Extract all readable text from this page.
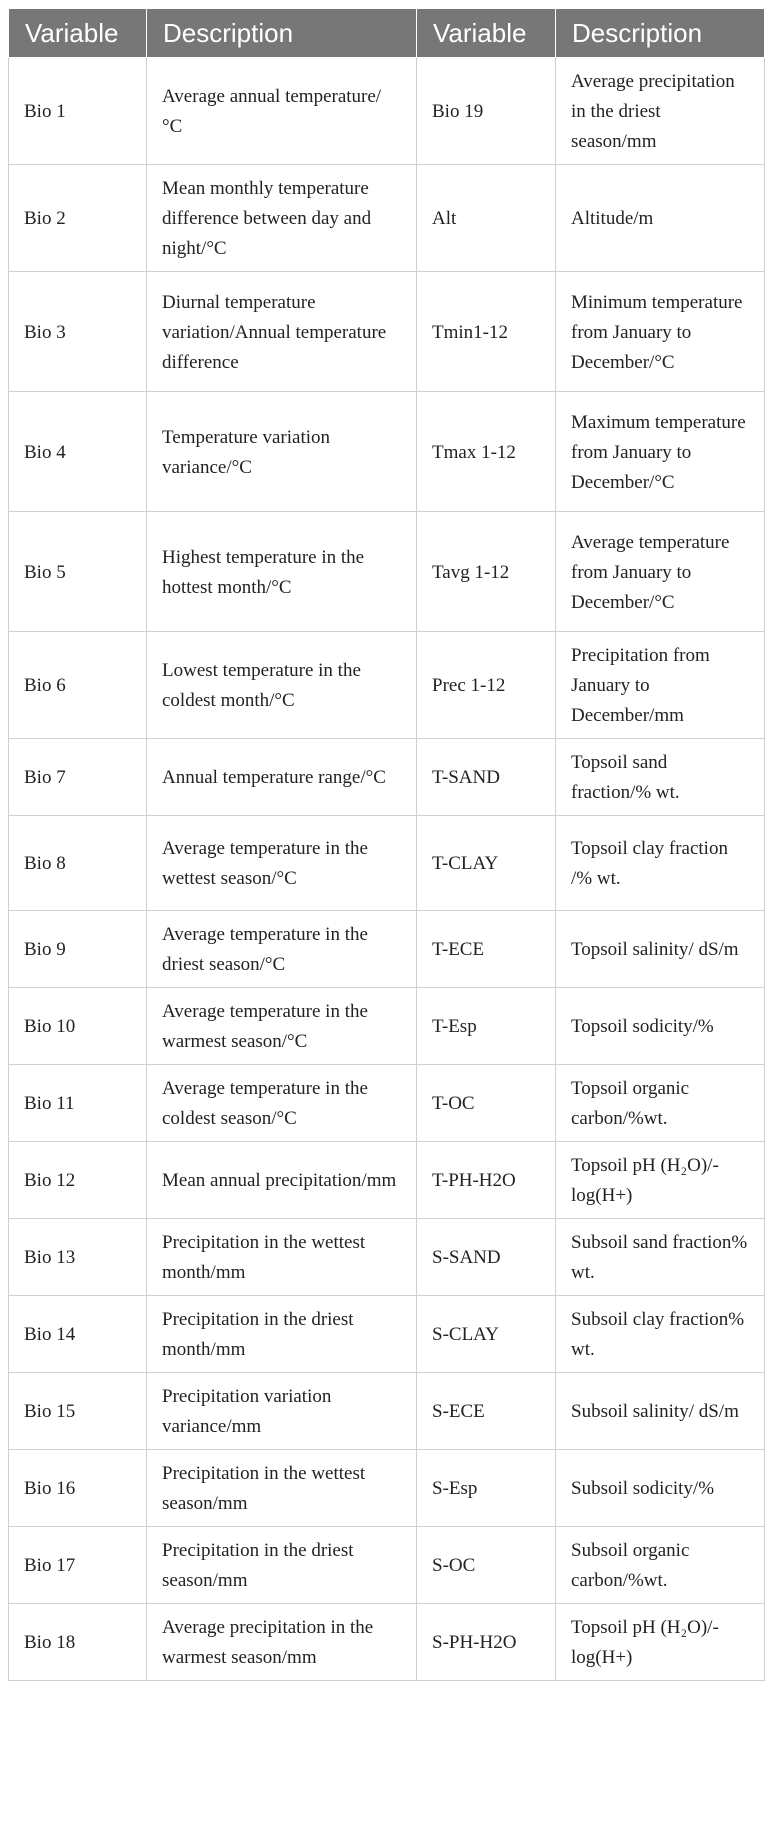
Variable	Description	Variable	Description
Bio 1	Average annual temperature/°C	Bio 19	Average precipitation in the driest season/mm
Bio 2	Mean monthly temperature difference between day and night/°C	Alt	Altitude/m
Bio 3	Diurnal temperature variation/Annual temperature difference	Tmin1-12	Minimum temperature from January to December/°C
Bio 4	Temperature variation variance/°C	Tmax 1-12	Maximum temperature from January to December/°C
Bio 5	Highest temperature in the hottest month/°C	Tavg 1-12	Average temperature from January to December/°C
Bio 6	Lowest temperature in the coldest month/°C	Prec 1-12	Precipitation from January to December/mm
Bio 7	Annual temperature range/°C	T-SAND	Topsoil sand fraction/% wt.
Bio 8	Average temperature in the wettest season/°C	T-CLAY	Topsoil clay fraction /% wt.
Bio 9	Average temperature in the driest season/°C	T-ECE	Topsoil salinity/ dS/m
Bio 10	Average temperature in the warmest season/°C	T-Esp	Topsoil sodicity/%
Bio 11	Average temperature in the coldest season/°C	T-OC	Topsoil organic carbon/%wt.
Bio 12	Mean annual precipitation/mm	T-PH-H2O	Topsoil pH (H₂O)/-log(H+)
Bio 13	Precipitation in the wettest month/mm	S-SAND	Subsoil sand fraction% wt.
Bio 14	Precipitation in the driest month/mm	S-CLAY	Subsoil clay fraction% wt.
Bio 15	Precipitation variation variance/mm	S-ECE	Subsoil salinity/ dS/m
Bio 16	Precipitation in the wettest season/mm	S-Esp	Subsoil sodicity/%
Bio 17	Precipitation in the driest season/mm	S-OC	Subsoil organic carbon/%wt.
Bio 18	Average precipitation in the warmest season/mm	S-PH-H2O	Topsoil pH (H₂O)/-log(H+)
